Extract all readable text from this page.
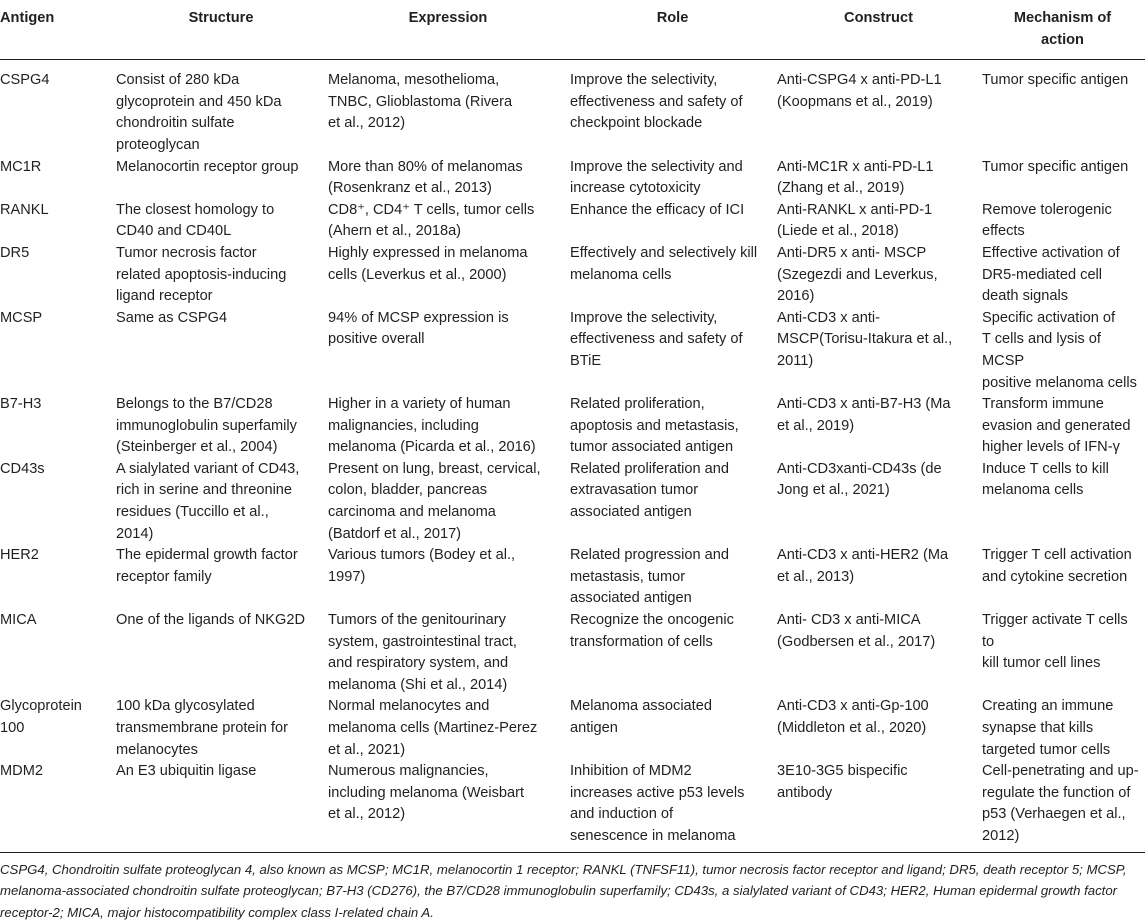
Antigen	Structure	Expression	Role	Construct	Mechanism of
action
CSPG4	Consist of 280 kDa
glycoprotein and 450 kDa
chondroitin sulfate
proteoglycan	Melanoma, mesothelioma,
TNBC, Glioblastoma (Rivera
et al., 2012)	Improve the selectivity,
effectiveness and safety of
checkpoint blockade	Anti-CSPG4 x anti-PD-L1
(Koopmans et al., 2019)	Tumor specific antigen
MC1R	Melanocortin receptor group	More than 80% of melanomas
(Rosenkranz et al., 2013)	Improve the selectivity and
increase cytotoxicity	Anti-MC1R x anti-PD-L1
(Zhang et al., 2019)	Tumor specific antigen
RANKL	The closest homology to
CD40 and CD40L	CD8⁺, CD4⁺ T cells, tumor cells
(Ahern et al., 2018a)	Enhance the efficacy of ICI	Anti-RANKL x anti-PD-1
(Liede et al., 2018)	Remove tolerogenic
effects
DR5	Tumor necrosis factor
related apoptosis-inducing
ligand receptor	Highly expressed in melanoma
cells (Leverkus et al., 2000)	Effectively and selectively kill
melanoma cells	Anti-DR5 x anti- MSCP
(Szegezdi and Leverkus,
2016)	Effective activation of
DR5-mediated cell
death signals
MCSP	Same as CSPG4	94% of MCSP expression is
positive overall	Improve the selectivity,
effectiveness and safety of
BTiE	Anti-CD3 x anti-
MSCP(Torisu-Itakura et al.,
2011)	Specific activation of
T cells and lysis of MCSP
positive melanoma cells
B7-H3	Belongs to the B7/CD28
immunoglobulin superfamily
(Steinberger et al., 2004)	Higher in a variety of human
malignancies, including
melanoma (Picarda et al., 2016)	Related proliferation,
apoptosis and metastasis,
tumor associated antigen	Anti-CD3 x anti-B7-H3 (Ma
et al., 2019)	Transform immune
evasion and generated
higher levels of IFN-γ
CD43s	A sialylated variant of CD43,
rich in serine and threonine
residues (Tuccillo et al.,
2014)	Present on lung, breast, cervical,
colon, bladder, pancreas
carcinoma and melanoma
(Batdorf et al., 2017)	Related proliferation and
extravasation tumor
associated antigen	Anti-CD3xanti-CD43s (de
Jong et al., 2021)	Induce T cells to kill
melanoma cells
HER2	The epidermal growth factor
receptor family	Various tumors (Bodey et al.,
1997)	Related progression and
metastasis, tumor
associated antigen	Anti-CD3 x anti-HER2 (Ma
et al., 2013)	Trigger T cell activation
and cytokine secretion
MICA	One of the ligands of NKG2D	Tumors of the genitourinary
system, gastrointestinal tract,
and respiratory system, and
melanoma (Shi et al., 2014)	Recognize the oncogenic
transformation of cells	Anti- CD3 x anti-MICA
(Godbersen et al., 2017)	Trigger activate T cells to
kill tumor cell lines
Glycoprotein
100	100 kDa glycosylated
transmembrane protein for
melanocytes	Normal melanocytes and
melanoma cells (Martinez-Perez
et al., 2021)	Melanoma associated
antigen	Anti-CD3 x anti-Gp-100
(Middleton et al., 2020)	Creating an immune
synapse that kills
targeted tumor cells
MDM2	An E3 ubiquitin ligase	Numerous malignancies,
including melanoma (Weisbart
et al., 2012)	Inhibition of MDM2
increases active p53 levels
and induction of
senescence in melanoma	3E10-3G5 bispecific
antibody	Cell-penetrating and up-
regulate the function of
p53 (Verhaegen et al.,
2012)
CSPG4, Chondroitin sulfate proteoglycan 4, also known as MCSP; MC1R, melanocortin 1 receptor; RANKL (TNFSF11), tumor necrosis factor receptor and ligand; DR5, death receptor 5; MCSP, melanoma-associated chondroitin sulfate proteoglycan; B7-H3 (CD276), the B7/CD28 immunoglobulin superfamily; CD43s, a sialylated variant of CD43; HER2, Human epidermal growth factor receptor-2; MICA, major histocompatibility complex class I-related chain A.
